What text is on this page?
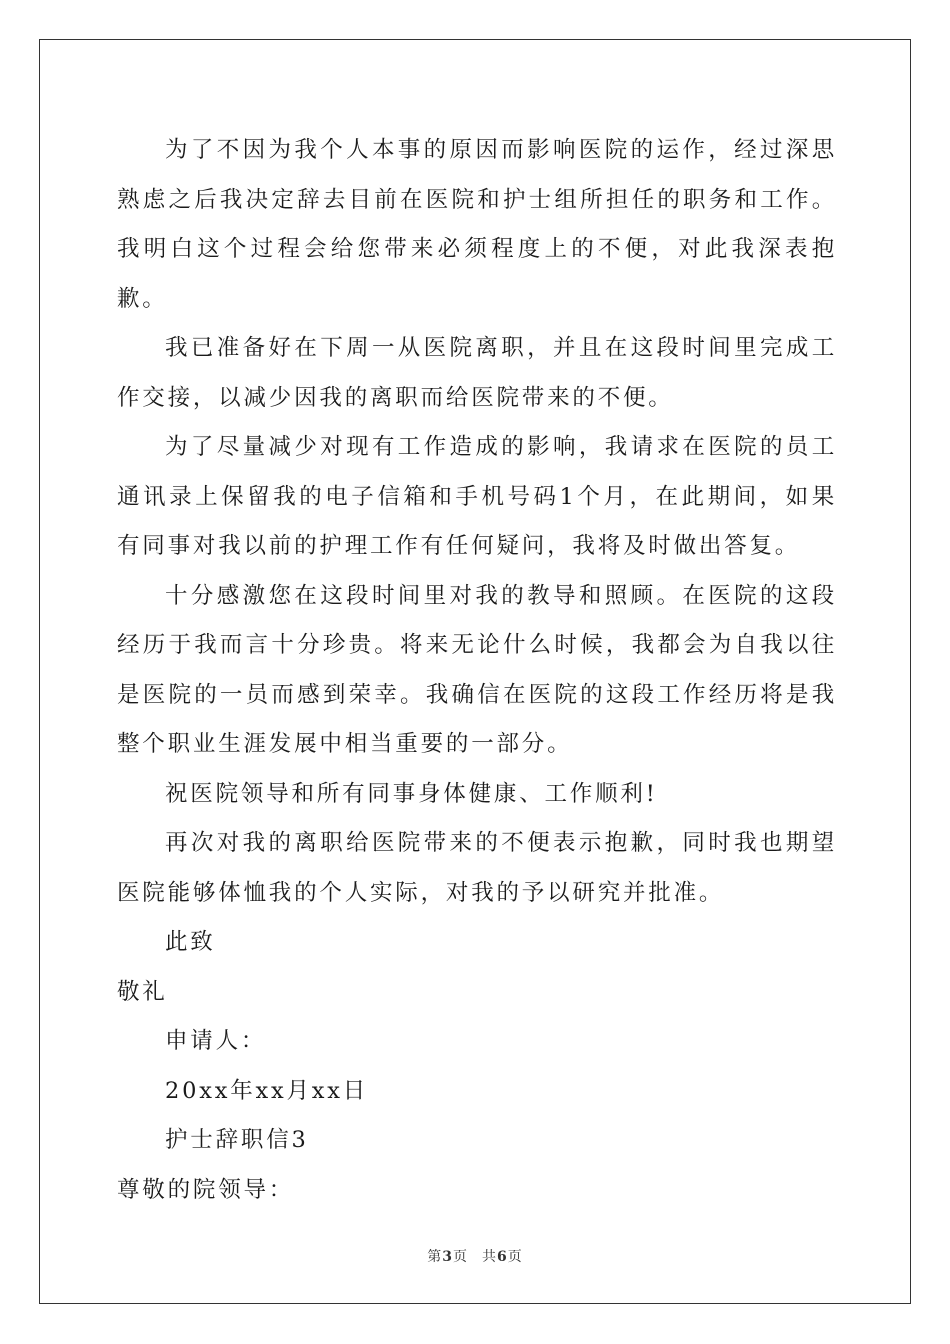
为了不因为我个人本事的原因而影响医院的运作，经过深思熟虑之后我决定辞去目前在医院和护士组所担任的职务和工作。我明白这个过程会给您带来必须程度上的不便，对此我深表抱歉。

我已准备好在下周一从医院离职，并且在这段时间里完成工作交接，以减少因我的离职而给医院带来的不便。

为了尽量减少对现有工作造成的影响，我请求在医院的员工通讯录上保留我的电子信箱和手机号码1个月，在此期间，如果有同事对我以前的护理工作有任何疑问，我将及时做出答复。

十分感激您在这段时间里对我的教导和照顾。在医院的这段经历于我而言十分珍贵。将来无论什么时候，我都会为自我以往是医院的一员而感到荣幸。我确信在医院的这段工作经历将是我整个职业生涯发展中相当重要的一部分。

祝医院领导和所有同事身体健康、工作顺利!

再次对我的离职给医院带来的不便表示抱歉，同时我也期望医院能够体恤我的个人实际，对我的予以研究并批准。

此致

敬礼

申请人：

20xx年xx月xx日

护士辞职信3

尊敬的院领导：

第3页 共6页
